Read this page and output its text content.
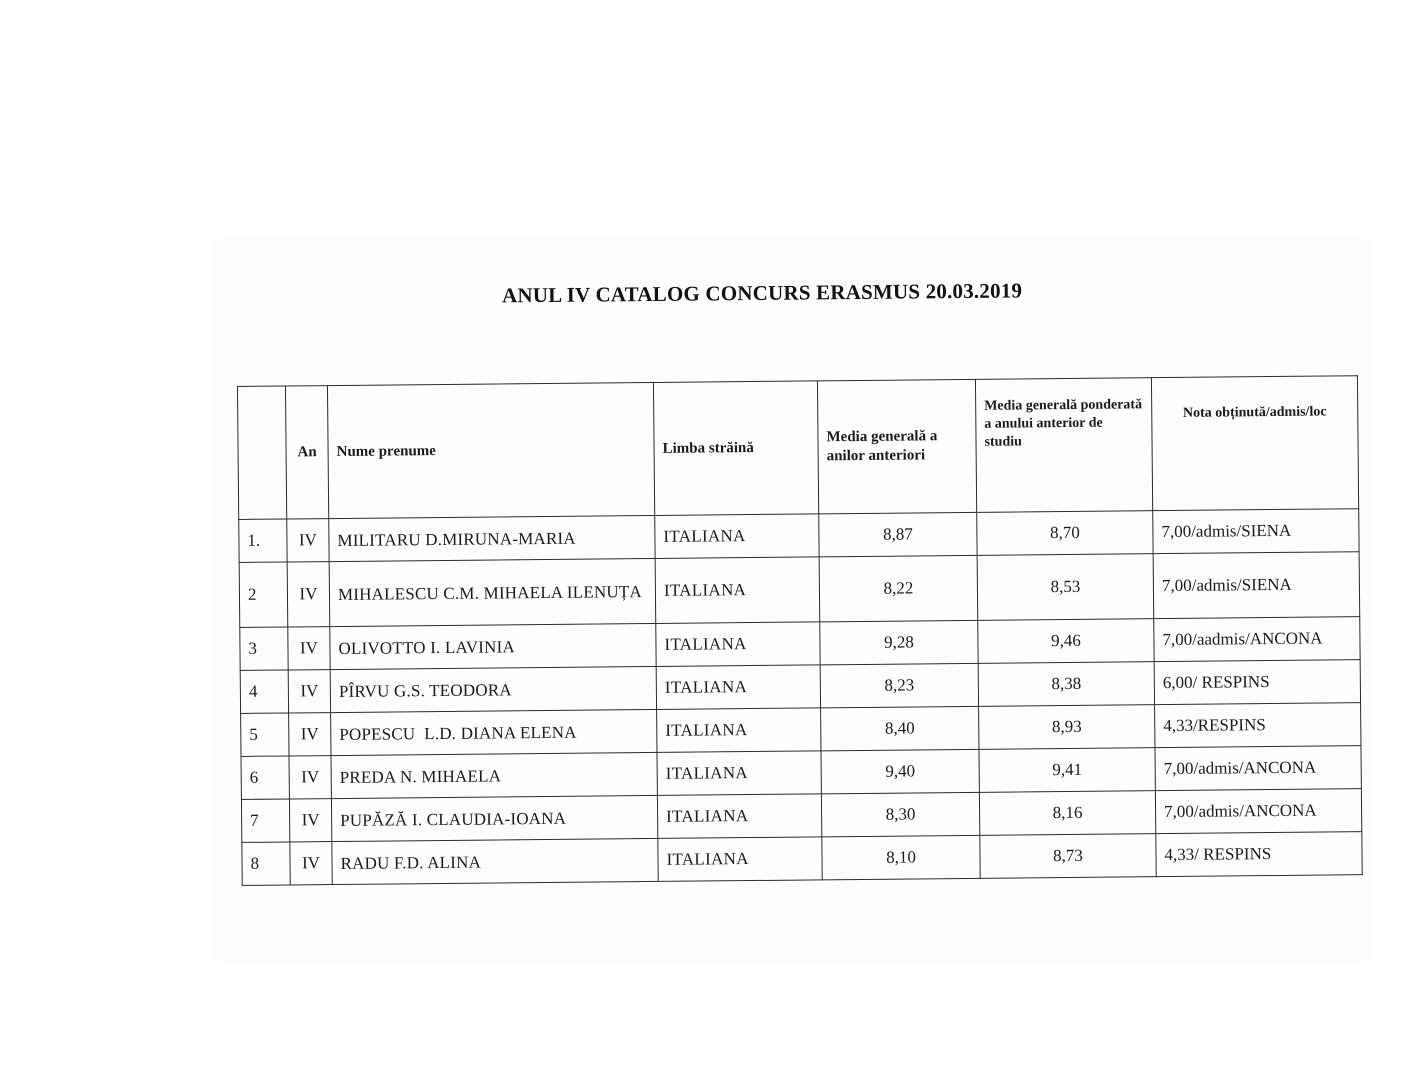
ANUL IV CATALOG CONCURS ERASMUS 20.03.2019
	An	Nume prenume	Limba străină	Media generală a anilor anteriori	Media generală ponderată a anului anterior de studiu	Nota obținută/admis/loc
1.	IV	MILITARU D.MIRUNA-MARIA	ITALIANA	8,87	8,70	7,00/admis/SIENA
2	IV	MIHALESCU C.M. MIHAELA ILENUȚA	ITALIANA	8,22	8,53	7,00/admis/SIENA
3	IV	OLIVOTTO I. LAVINIA	ITALIANA	9,28	9,46	7,00/aadmis/ANCONA
4	IV	PÎRVU G.S. TEODORA	ITALIANA	8,23	8,38	6,00/ RESPINS
5	IV	POPESCU  L.D. DIANA ELENA	ITALIANA	8,40	8,93	4,33/RESPINS
6	IV	PREDA N. MIHAELA	ITALIANA	9,40	9,41	7,00/admis/ANCONA
7	IV	PUPĂZĂ I. CLAUDIA-IOANA	ITALIANA	8,30	8,16	7,00/admis/ANCONA
8	IV	RADU F.D. ALINA	ITALIANA	8,10	8,73	4,33/ RESPINS
